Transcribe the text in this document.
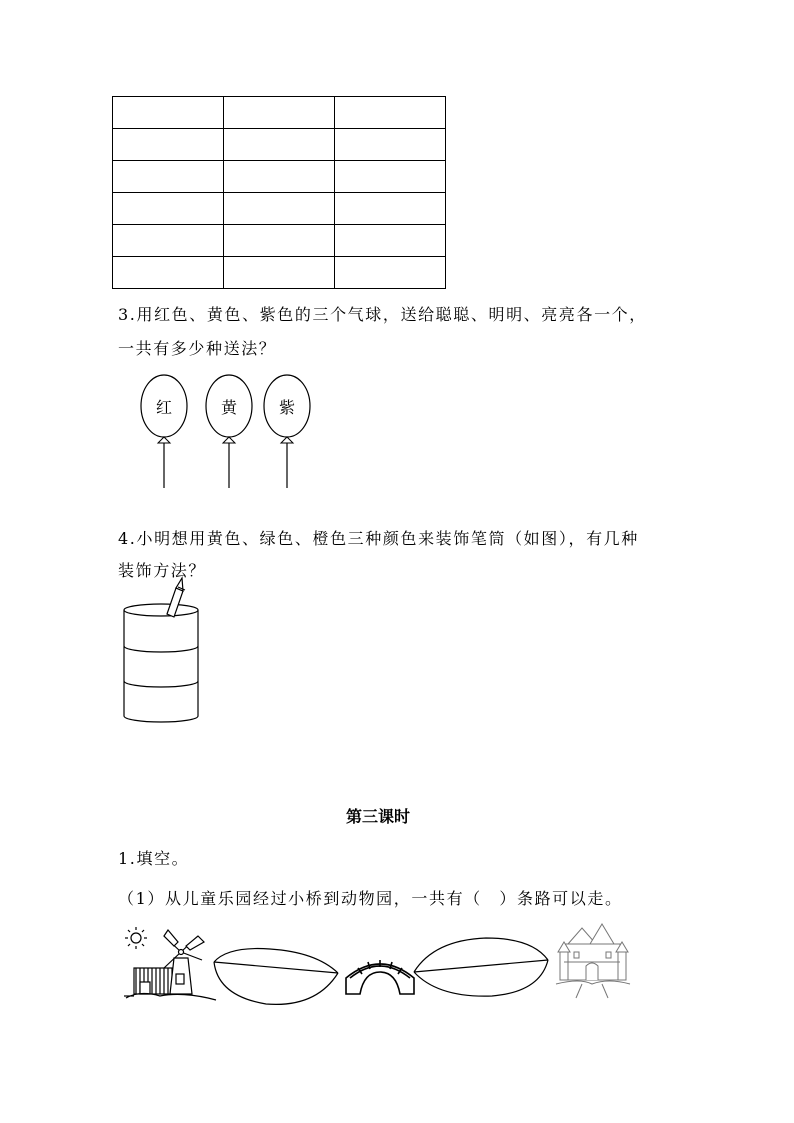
3.用红色、黄色、紫色的三个气球，送给聪聪、明明、亮亮各一个，
一共有多少种送法？
红	黄	紫
4.小明想用黄色、绿色、橙色三种颜色来装饰笔筒（如图），有几种
装饰方法？
第三课时
1.填空。
（1）从儿童乐园经过小桥到动物园，一共有（　）条路可以走。
